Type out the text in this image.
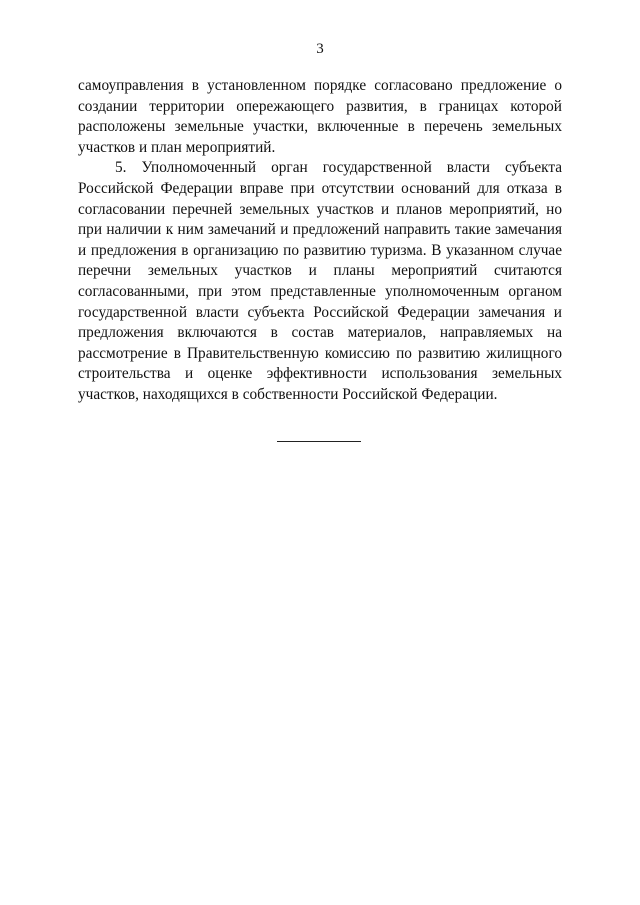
3

самоуправления в установленном порядке согласовано предложение о создании территории опережающего развития, в границах которой расположены земельные участки, включенные в перечень земельных участков и план мероприятий.

5. Уполномоченный орган государственной власти субъекта Российской Федерации вправе при отсутствии оснований для отказа в согласовании перечней земельных участков и планов мероприятий, но при наличии к ним замечаний и предложений направить такие замечания и предложения в организацию по развитию туризма. В указанном случае перечни земельных участков и планы мероприятий считаются согласованными, при этом представленные уполномоченным органом государственной власти субъекта Российской Федерации замечания и предложения включаются в состав материалов, направляемых на рассмотрение в Правительственную комиссию по развитию жилищного строительства и оценке эффективности использования земельных участков, находящихся в собственности Российской Федерации.
